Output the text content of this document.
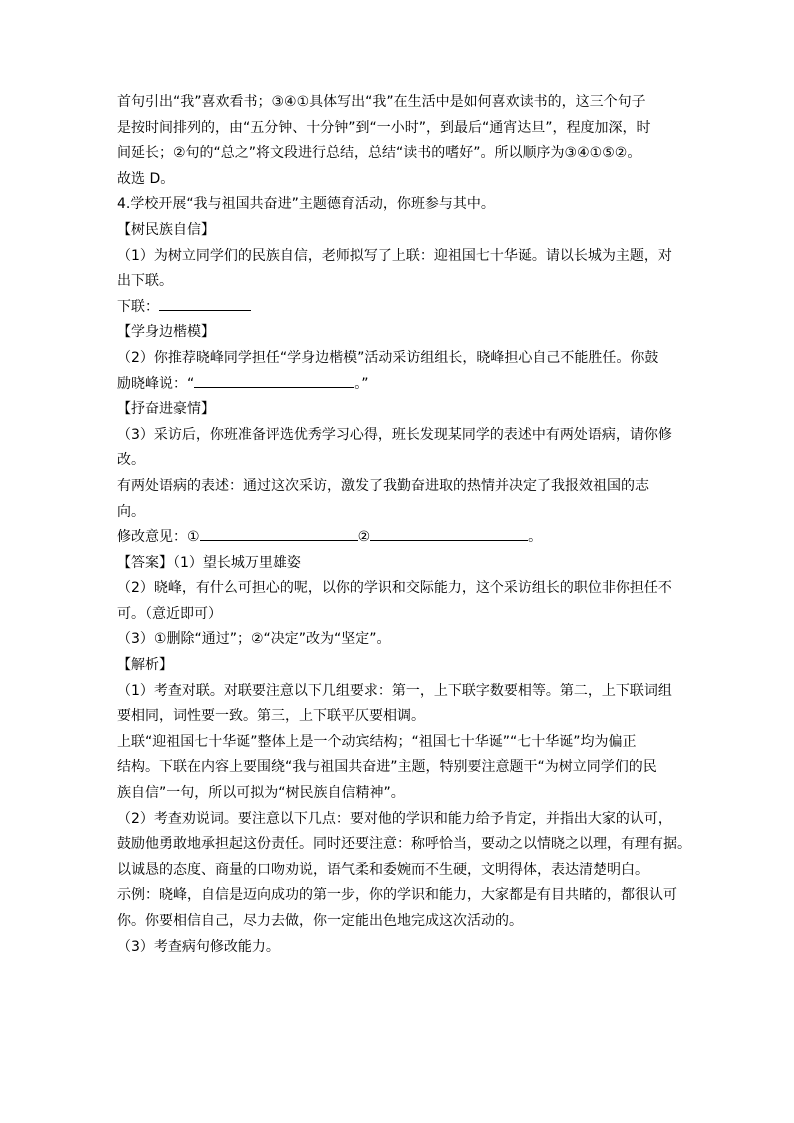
首句引出“我”喜欢看书；③④①具体写出“我”在生活中是如何喜欢读书的，这三个句子
是按时间排列的，由“五分钟、十分钟”到“一小时”，到最后“通宵达旦”，程度加深，时
间延长；②句的“总之”将文段进行总结，总结“读书的嗜好”。所以顺序为③④①⑤②。
故选 D。
4.学校开展“我与祖国共奋进”主题德育活动，你班参与其中。
【树民族自信】
（1）为树立同学们的民族自信，老师拟写了上联：迎祖国七十华诞。请以长城为主题，对
出下联。
下联：
【学身边楷模】
（2）你推荐晓峰同学担任“学身边楷模”活动采访组组长，晓峰担心自己不能胜任。你鼓
励晓峰说：“	。”
【抒奋进豪情】
（3）采访后，你班准备评选优秀学习心得，班长发现某同学的表述中有两处语病，请你修
改。
有两处语病的表述：通过这次采访，激发了我勤奋进取的热情并决定了我报效祖国的志
向。
修改意见：①	②	。
【答案】（1）望长城万里雄姿
（2）晓峰，有什么可担心的呢，以你的学识和交际能力，这个采访组长的职位非你担任不
可。（意近即可）
（3）①删除“通过”；②“决定”改为“坚定”。
【解析】
（1）考查对联。对联要注意以下几组要求：第一，上下联字数要相等。第二，上下联词组
要相同，词性要一致。第三，上下联平仄要相调。
上联“迎祖国七十华诞”整体上是一个动宾结构；“祖国七十华诞”“七十华诞”均为偏正
结构。下联在内容上要围绕“我与祖国共奋进”主题，特别要注意题干“为树立同学们的民
族自信”一句，所以可拟为“树民族自信精神”。
（2）考查劝说词。要注意以下几点：要对他的学识和能力给予肯定，并指出大家的认可，
鼓励他勇敢地承担起这份责任。同时还要注意：称呼恰当，要动之以情晓之以理，有理有据。
以诚恳的态度、商量的口吻劝说，语气柔和委婉而不生硬，文明得体，表达清楚明白。
示例：晓峰，自信是迈向成功的第一步，你的学识和能力，大家都是有目共睹的，都很认可
你。你要相信自己，尽力去做，你一定能出色地完成这次活动的。
（3）考查病句修改能力。
